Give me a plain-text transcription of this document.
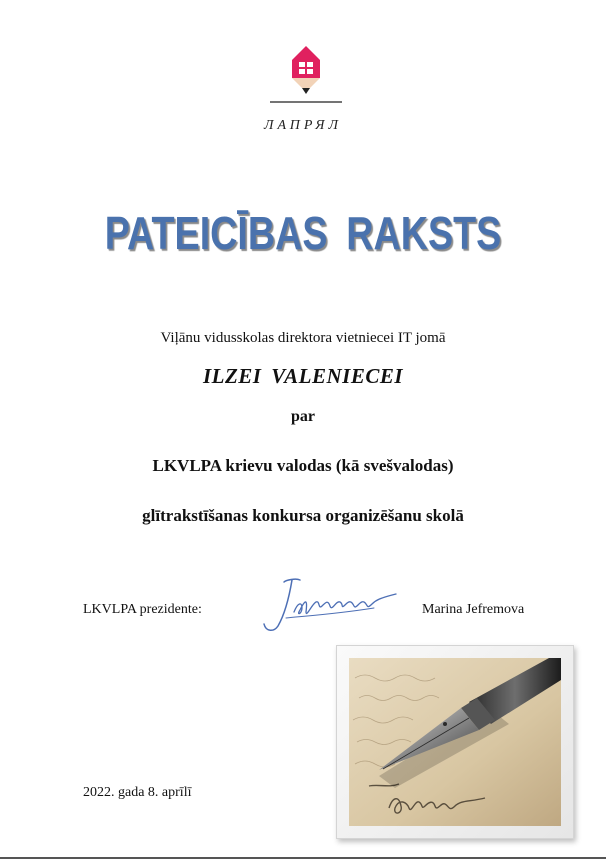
ЛАПРЯЛ
PATEICĪBAS RAKSTS
Viļānu vidusskolas direktora vietniecei IT jomā
ILZEI VALENIECEI
par
LKVLPA krievu valodas (kā svešvalodas)
glītrakstīšanas konkursa organizēšanu skolā
LKVLPA prezidente:	Marina Jefremova
2022. gada 8. aprīlī
